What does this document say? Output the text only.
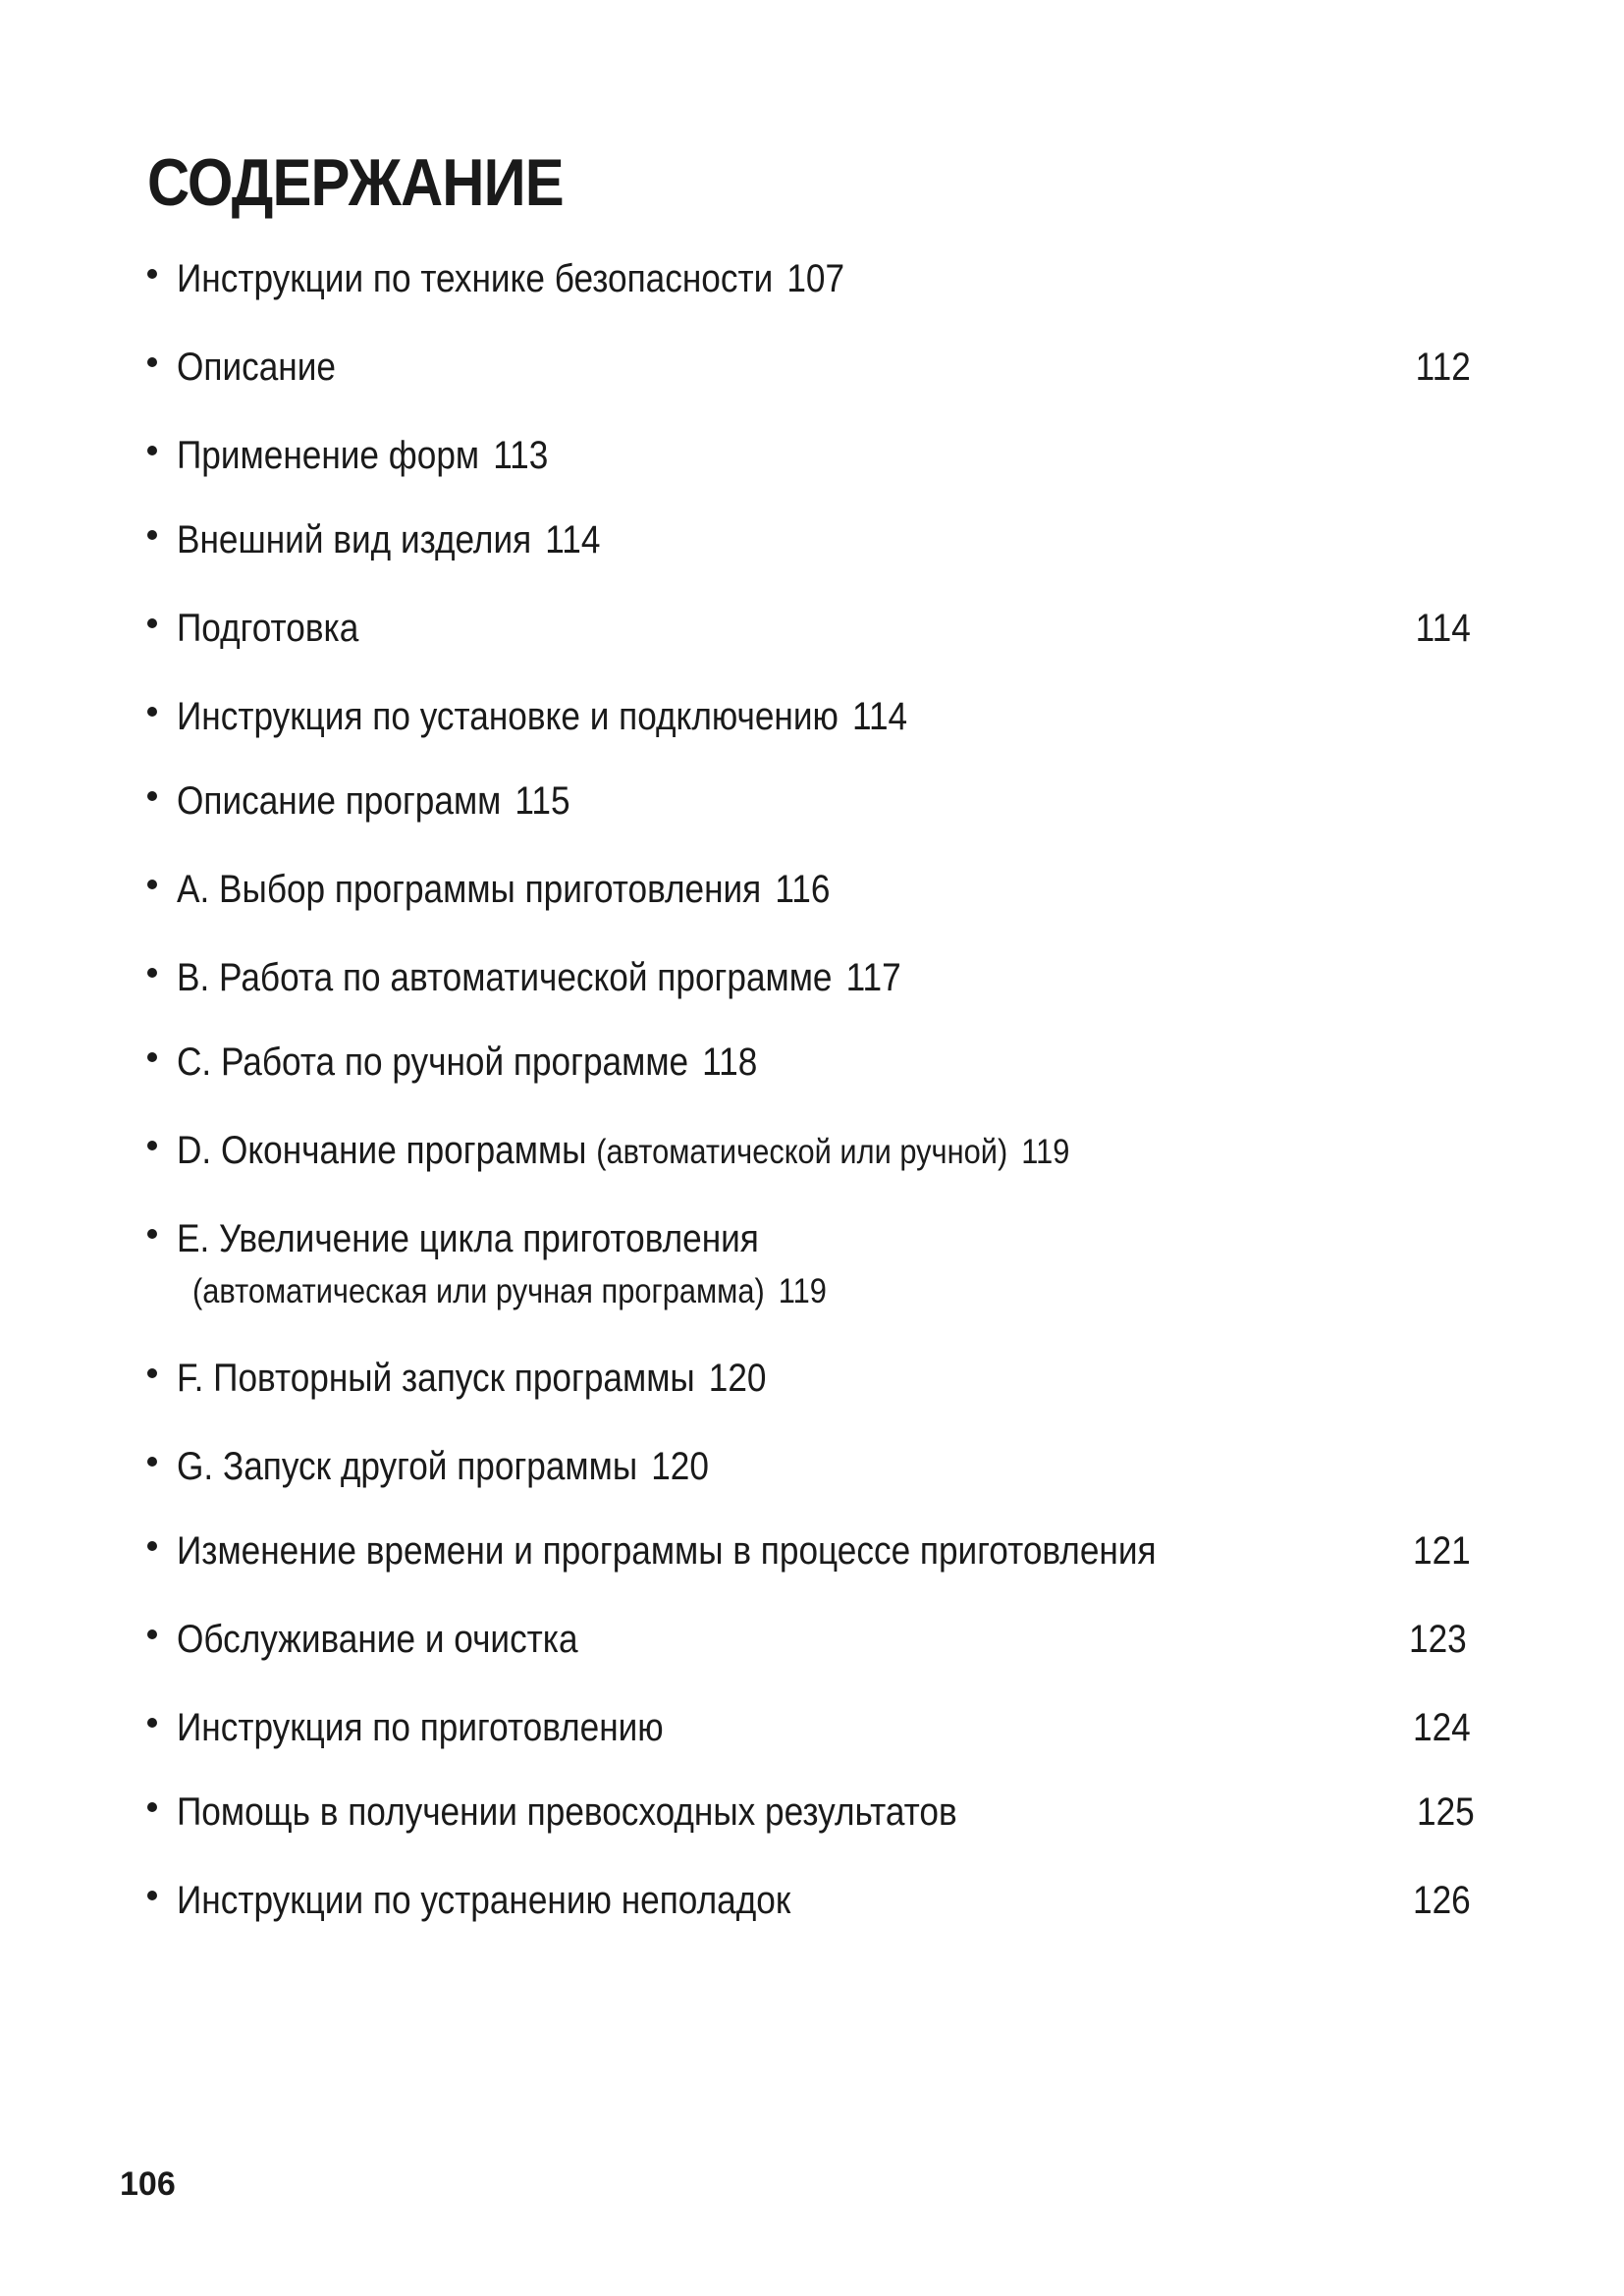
СОДЕРЖАНИЕ
Инструкции по технике безопасности 107
Описание	112
Применение форм 113
Внешний вид изделия 114
Подготовка	114
Инструкция по установке и подключению 114
Описание программ 115
A. Выбор программы приготовления 116
B. Работа по автоматической программе 117
C. Работа по ручной программе 118
D. Окончание программы (автоматической или ручной) 119
E. Увеличение цикла приготовления
(автоматическая или ручная программа) 119
F. Повторный запуск программы 120
G. Запуск другой программы 120
Изменение времени и программы в процессе приготовления	121
Обслуживание и очистка	123
Инструкция по приготовлению	124
Помощь в получении превосходных результатов	125
Инструкции по устранению неполадок	126
106
